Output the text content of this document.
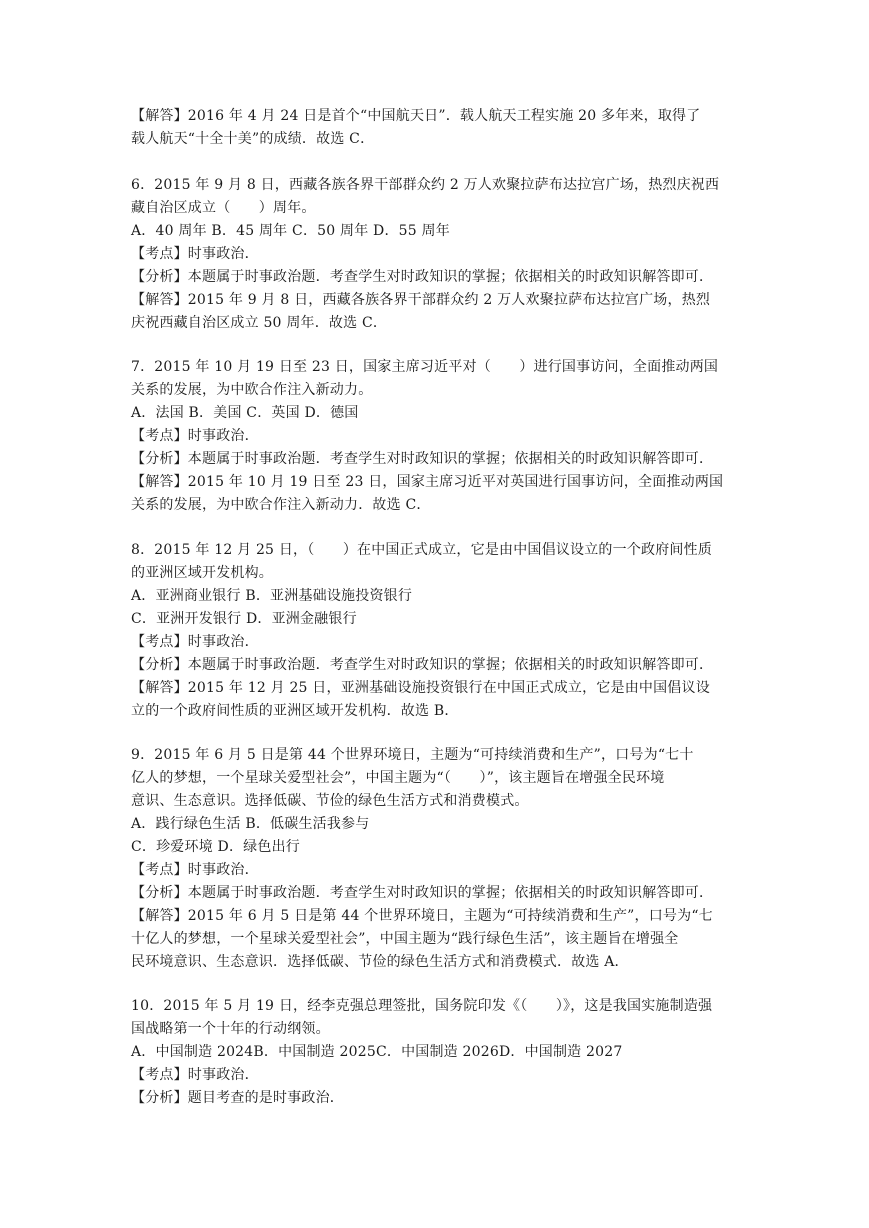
【解答】2016 年 4 月 24 日是首个“中国航天日”．载人航天工程实施 20 多年来，取得了
载人航天“十全十美”的成绩．故选 C．
6．2015 年 9 月 8 日，西藏各族各界干部群众约 2 万人欢聚拉萨布达拉宫广场，热烈庆祝西
藏自治区成立（　　）周年。
A．40 周年 B．45 周年 C．50 周年 D．55 周年
【考点】时事政治．
【分析】本题属于时事政治题．考查学生对时政知识的掌握；依据相关的时政知识解答即可．
【解答】2015 年 9 月 8 日，西藏各族各界干部群众约 2 万人欢聚拉萨布达拉宫广场，热烈
庆祝西藏自治区成立 50 周年．故选 C．
7．2015 年 10 月 19 日至 23 日，国家主席习近平对（　　）进行国事访问，全面推动两国
关系的发展，为中欧合作注入新动力。
A．法国 B．美国 C．英国 D．德国
【考点】时事政治．
【分析】本题属于时事政治题．考查学生对时政知识的掌握；依据相关的时政知识解答即可．
【解答】2015 年 10 月 19 日至 23 日，国家主席习近平对英国进行国事访问，全面推动两国
关系的发展，为中欧合作注入新动力．故选 C．
8．2015 年 12 月 25 日，（　　）在中国正式成立，它是由中国倡议设立的一个政府间性质
的亚洲区域开发机构。
A．亚洲商业银行 B．亚洲基础设施投资银行
C．亚洲开发银行 D．亚洲金融银行
【考点】时事政治．
【分析】本题属于时事政治题．考查学生对时政知识的掌握；依据相关的时政知识解答即可．
【解答】2015 年 12 月 25 日，亚洲基础设施投资银行在中国正式成立，它是由中国倡议设
立的一个政府间性质的亚洲区域开发机构．故选 B．
9．2015 年 6 月 5 日是第 44 个世界环境日，主题为“可持续消费和生产”，口号为“七十
亿人的梦想，一个星球关爱型社会”，中国主题为“（　　）”，该主题旨在增强全民环境
意识、生态意识。选择低碳、节俭的绿色生活方式和消费模式。
A．践行绿色生活 B．低碳生活我参与
C．珍爱环境 D．绿色出行
【考点】时事政治．
【分析】本题属于时事政治题．考查学生对时政知识的掌握；依据相关的时政知识解答即可．
【解答】2015 年 6 月 5 日是第 44 个世界环境日，主题为“可持续消费和生产”，口号为“七
十亿人的梦想，一个星球关爱型社会”，中国主题为“践行绿色生活”，该主题旨在增强全
民环境意识、生态意识．选择低碳、节俭的绿色生活方式和消费模式．故选 A．
10．2015 年 5 月 19 日，经李克强总理签批，国务院印发《（　　）》，这是我国实施制造强
国战略第一个十年的行动纲领。
A．中国制造 2024B．中国制造 2025C．中国制造 2026D．中国制造 2027
【考点】时事政治．
【分析】题目考查的是时事政治．
